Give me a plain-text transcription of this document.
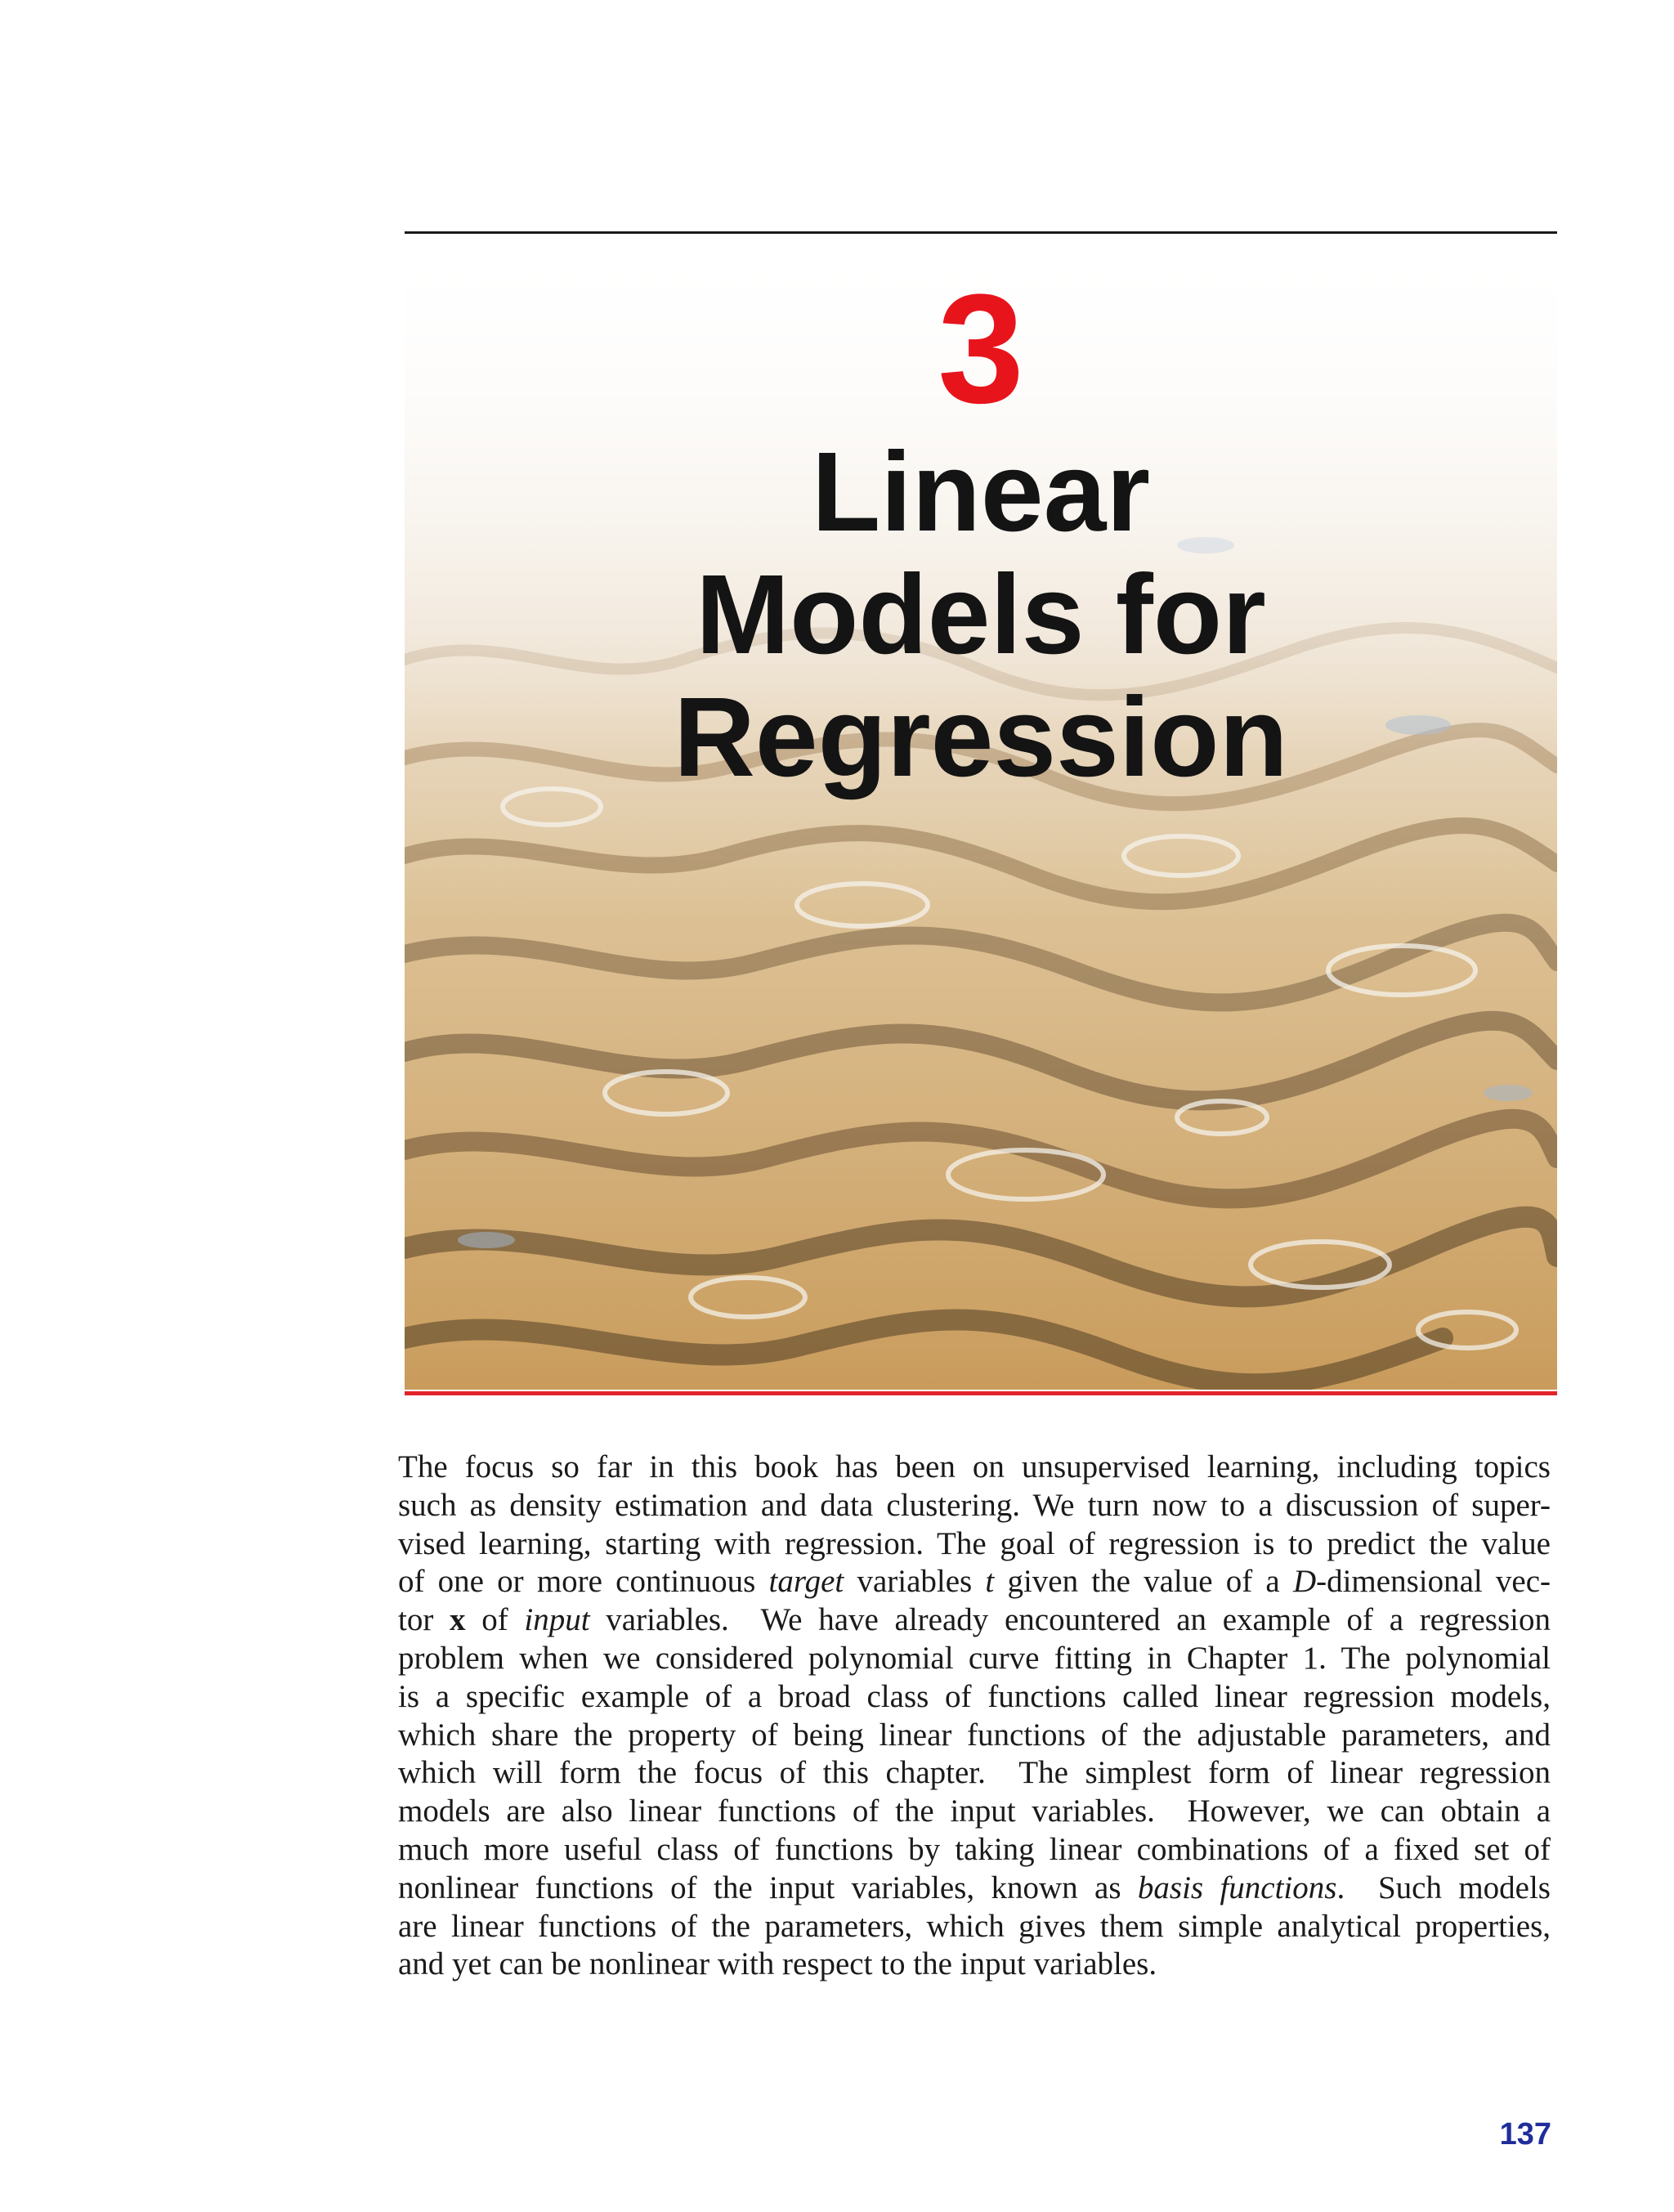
3
Linear
Models for
Regression
The focus so far in this book has been on unsupervised learning, including topics
such as density estimation and data clustering. We turn now to a discussion of super-
vised learning, starting with regression. The goal of regression is to predict the value
of one or more continuous target variables t given the value of a D-dimensional vec-
tor x of input variables.  We have already encountered an example of a regression
problem when we considered polynomial curve fitting in Chapter 1. The polynomial
is a specific example of a broad class of functions called linear regression models,
which share the property of being linear functions of the adjustable parameters, and
which will form the focus of this chapter.  The simplest form of linear regression
models are also linear functions of the input variables.  However, we can obtain a
much more useful class of functions by taking linear combinations of a fixed set of
nonlinear functions of the input variables, known as basis functions.  Such models
are linear functions of the parameters, which gives them simple analytical properties,
and yet can be nonlinear with respect to the input variables.
137
